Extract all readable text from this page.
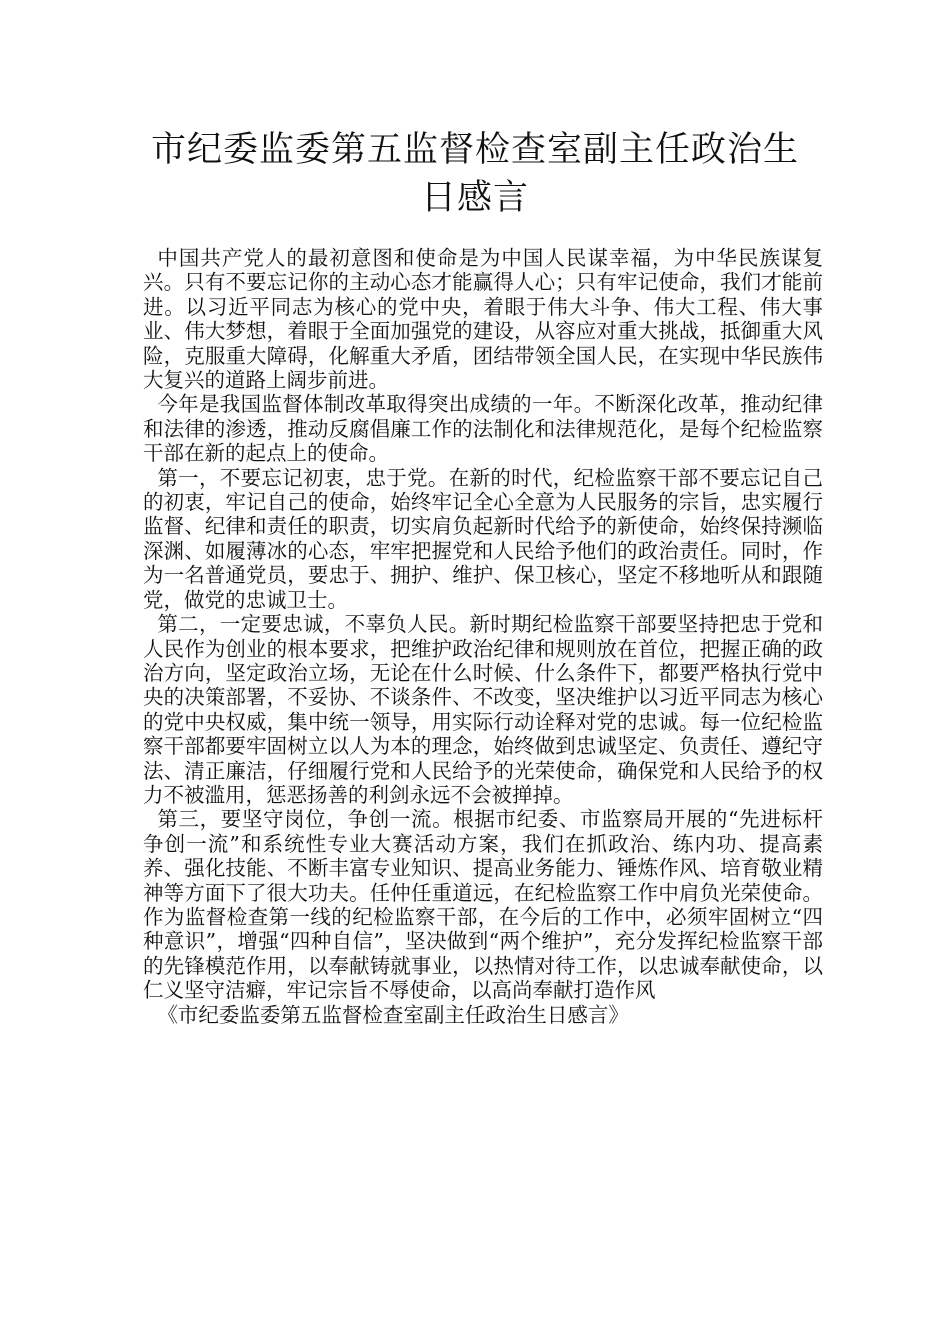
市纪委监委第五监督检查室副主任政治生
日感言

中国共产党人的最初意图和使命是为中国人民谋幸福，为中华民族谋复兴。只有不要忘记你的主动心态才能赢得人心；只有牢记使命，我们才能前进。以习近平同志为核心的党中央，着眼于伟大斗争、伟大工程、伟大事业、伟大梦想，着眼于全面加强党的建设，从容应对重大挑战，抵御重大风险，克服重大障碍，化解重大矛盾，团结带领全国人民，在实现中华民族伟大复兴的道路上阔步前进。

今年是我国监督体制改革取得突出成绩的一年。不断深化改革，推动纪律和法律的渗透，推动反腐倡廉工作的法制化和法律规范化，是每个纪检监察干部在新的起点上的使命。

第一，不要忘记初衷，忠于党。在新的时代，纪检监察干部不要忘记自己的初衷，牢记自己的使命，始终牢记全心全意为人民服务的宗旨，忠实履行监督、纪律和责任的职责，切实肩负起新时代给予的新使命，始终保持濒临深渊、如履薄冰的心态，牢牢把握党和人民给予他们的政治责任。同时，作为一名普通党员，要忠于、拥护、维护、保卫核心，坚定不移地听从和跟随党，做党的忠诚卫士。

第二，一定要忠诚，不辜负人民。新时期纪检监察干部要坚持把忠于党和人民作为创业的根本要求，把维护政治纪律和规则放在首位，把握正确的政治方向，坚定政治立场，无论在什么时候、什么条件下，都要严格执行党中央的决策部署，不妥协、不谈条件、不改变，坚决维护以习近平同志为核心的党中央权威，集中统一领导，用实际行动诠释对党的忠诚。每一位纪检监察干部都要牢固树立以人为本的理念，始终做到忠诚坚定、负责任、遵纪守法、清正廉洁，仔细履行党和人民给予的光荣使命，确保党和人民给予的权力不被滥用，惩恶扬善的利剑永远不会被掸掉。

第三，要坚守岗位，争创一流。根据市纪委、市监察局开展的“先进标杆争创一流”和系统性专业大赛活动方案，我们在抓政治、练内功、提高素养、强化技能、不断丰富专业知识、提高业务能力、锤炼作风、培育敬业精神等方面下了很大功夫。任仲任重道远，在纪检监察工作中肩负光荣使命。作为监督检查第一线的纪检监察干部，在今后的工作中，必须牢固树立“四种意识”，增强“四种自信”，坚决做到“两个维护”，充分发挥纪检监察干部的先锋模范作用，以奉献铸就事业，以热情对待工作，以忠诚奉献使命，以仁义坚守洁癖，牢记宗旨不辱使命，以高尚奉献打造作风

《市纪委监委第五监督检查室副主任政治生日感言》
